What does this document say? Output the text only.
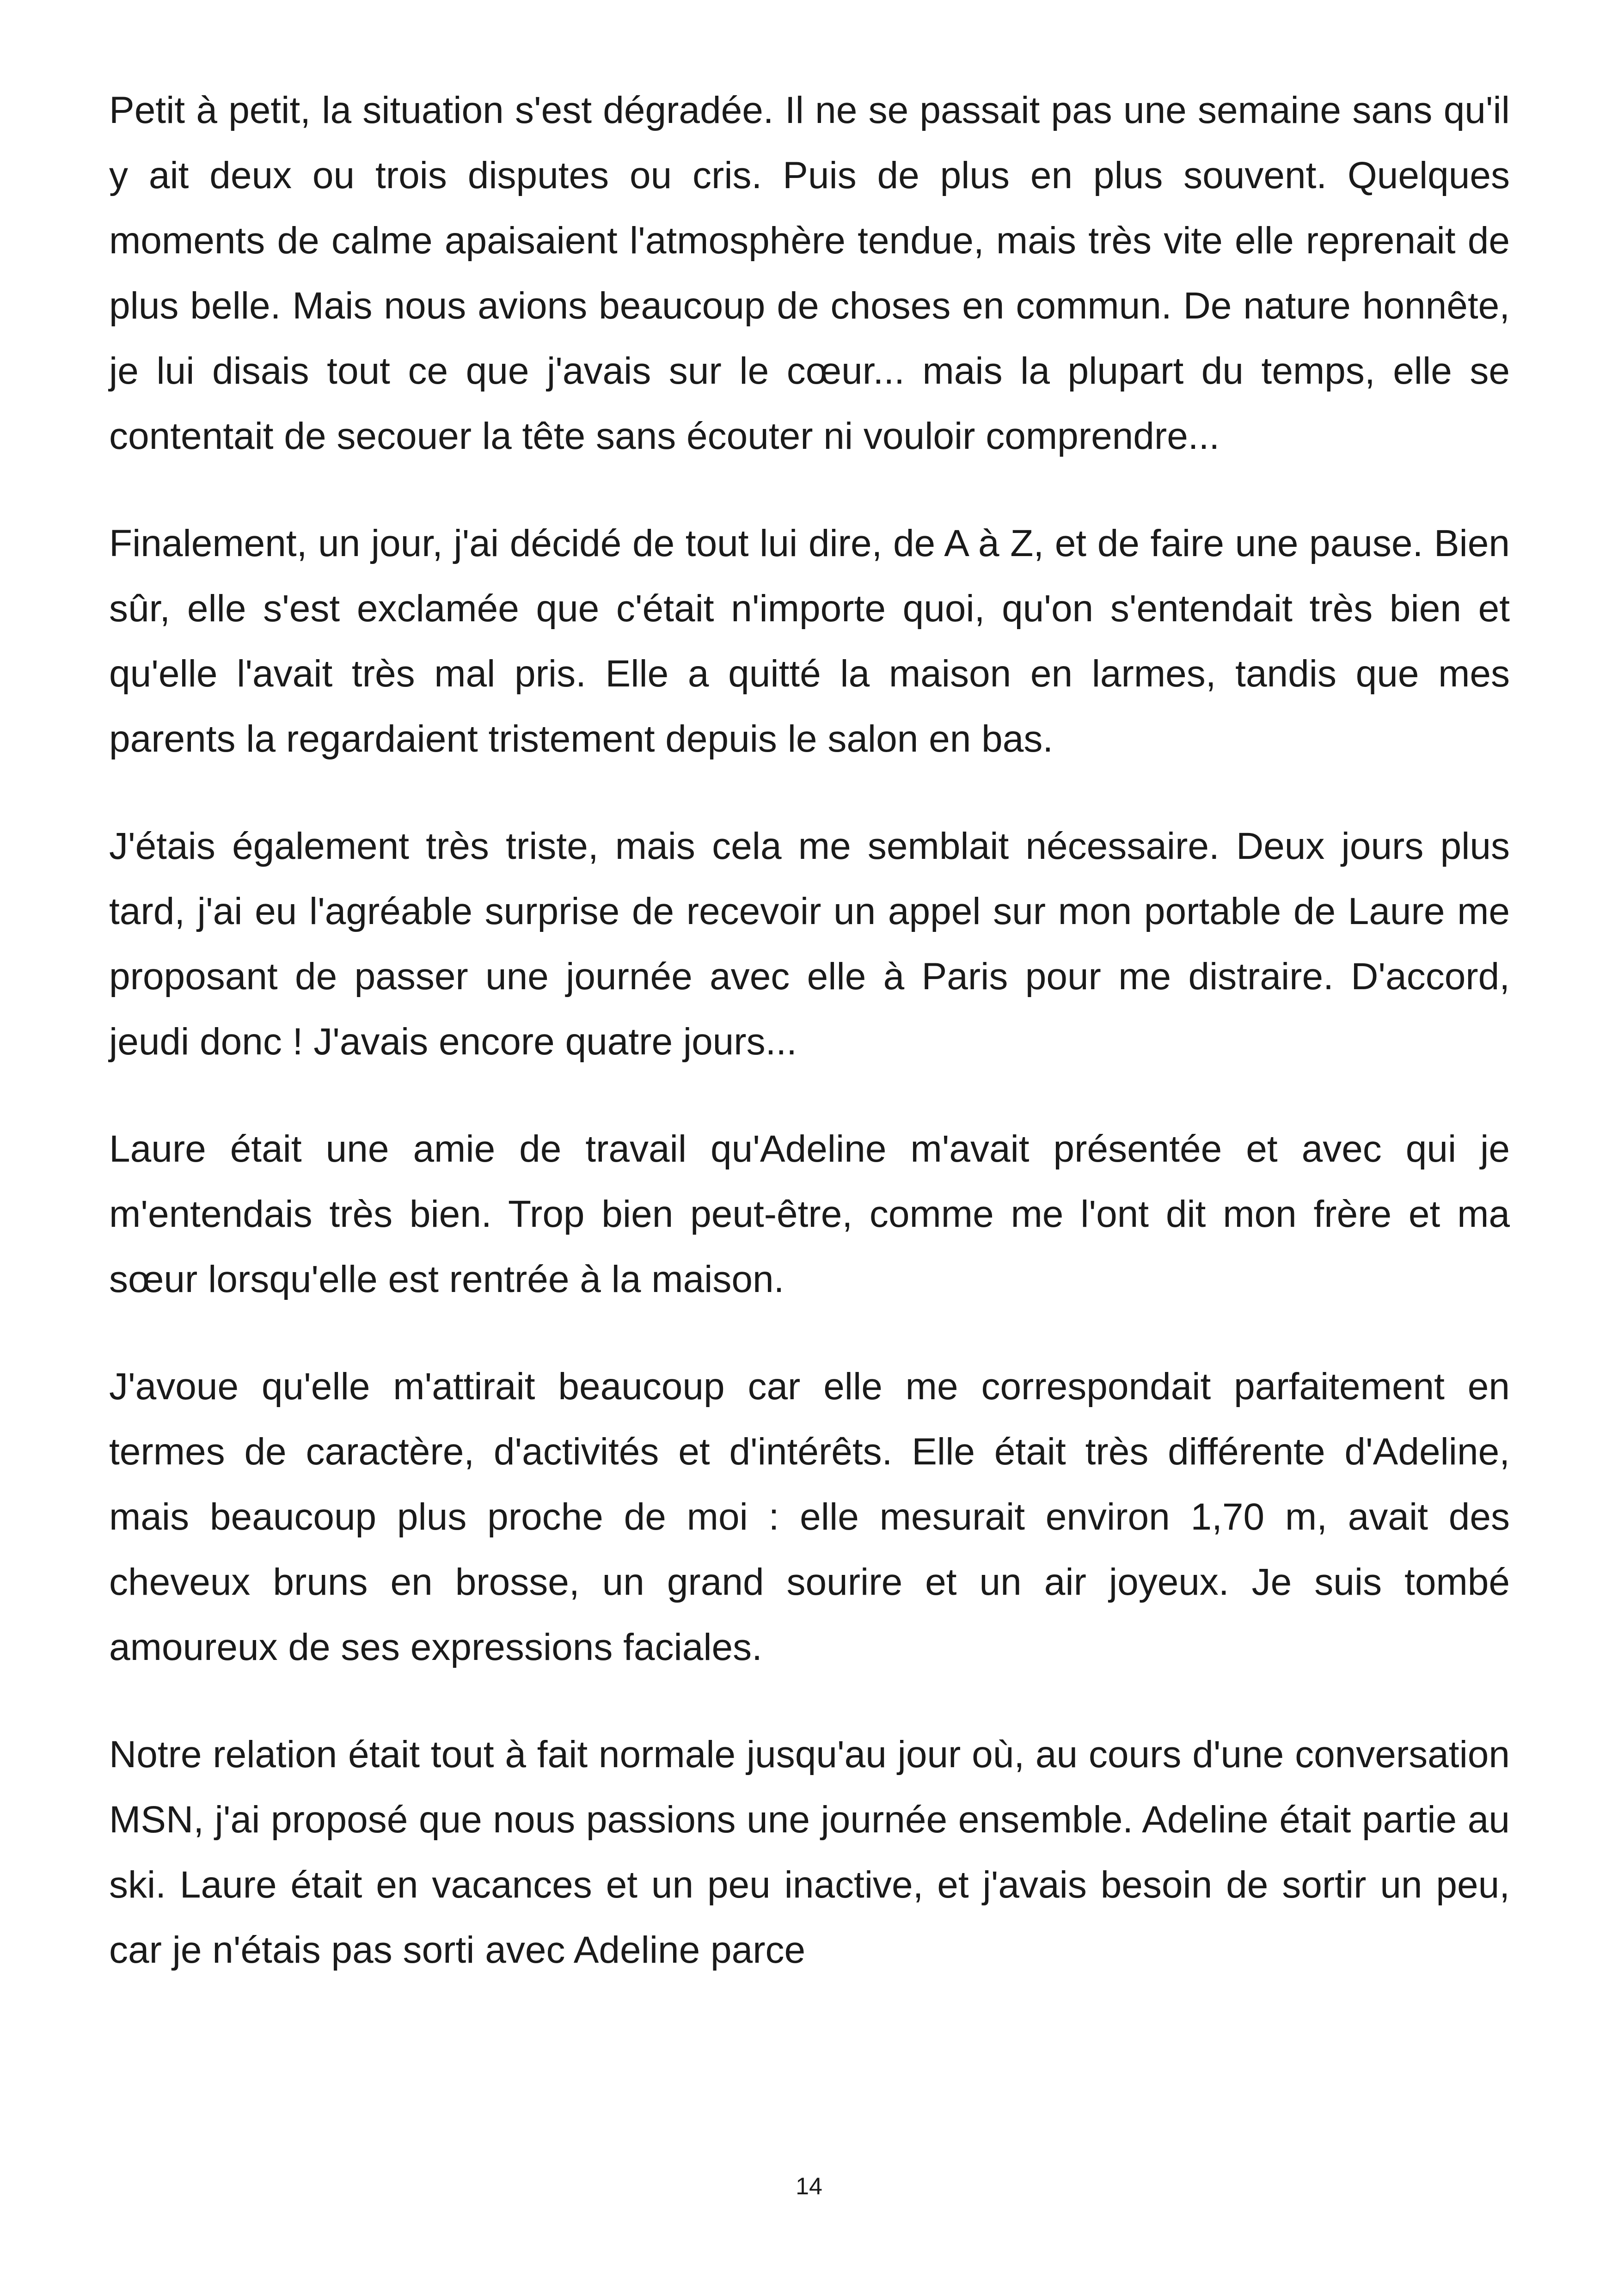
Petit à petit, la situation s'est dégradée. Il ne se passait pas une semaine sans qu'il y ait deux ou trois disputes ou cris. Puis de plus en plus souvent. Quelques moments de calme apaisaient l'atmosphère tendue, mais très vite elle reprenait de plus belle. Mais nous avions beaucoup de choses en commun. De nature honnête, je lui disais tout ce que j'avais sur le cœur... mais la plupart du temps, elle se contentait de secouer la tête sans écouter ni vouloir comprendre...

Finalement, un jour, j'ai décidé de tout lui dire, de A à Z, et de faire une pause. Bien sûr, elle s'est exclamée que c'était n'importe quoi, qu'on s'entendait très bien et qu'elle l'avait très mal pris. Elle a quitté la maison en larmes, tandis que mes parents la regardaient tristement depuis le salon en bas.

J'étais également très triste, mais cela me semblait nécessaire. Deux jours plus tard, j'ai eu l'agréable surprise de recevoir un appel sur mon portable de Laure me proposant de passer une journée avec elle à Paris pour me distraire. D'accord, jeudi donc ! J'avais encore quatre jours...

Laure était une amie de travail qu'Adeline m'avait présentée et avec qui je m'entendais très bien. Trop bien peut-être, comme me l'ont dit mon frère et ma sœur lorsqu'elle est rentrée à la maison.

J'avoue qu'elle m'attirait beaucoup car elle me correspondait parfaitement en termes de caractère, d'activités et d'intérêts. Elle était très différente d'Adeline, mais beaucoup plus proche de moi : elle mesurait environ 1,70 m, avait des cheveux bruns en brosse, un grand sourire et un air joyeux. Je suis tombé amoureux de ses expressions faciales.

Notre relation était tout à fait normale jusqu'au jour où, au cours d'une conversation MSN, j'ai proposé que nous passions une journée ensemble. Adeline était partie au ski. Laure était en vacances et un peu inactive, et j'avais besoin de sortir un peu, car je n'étais pas sorti avec Adeline parce

14
